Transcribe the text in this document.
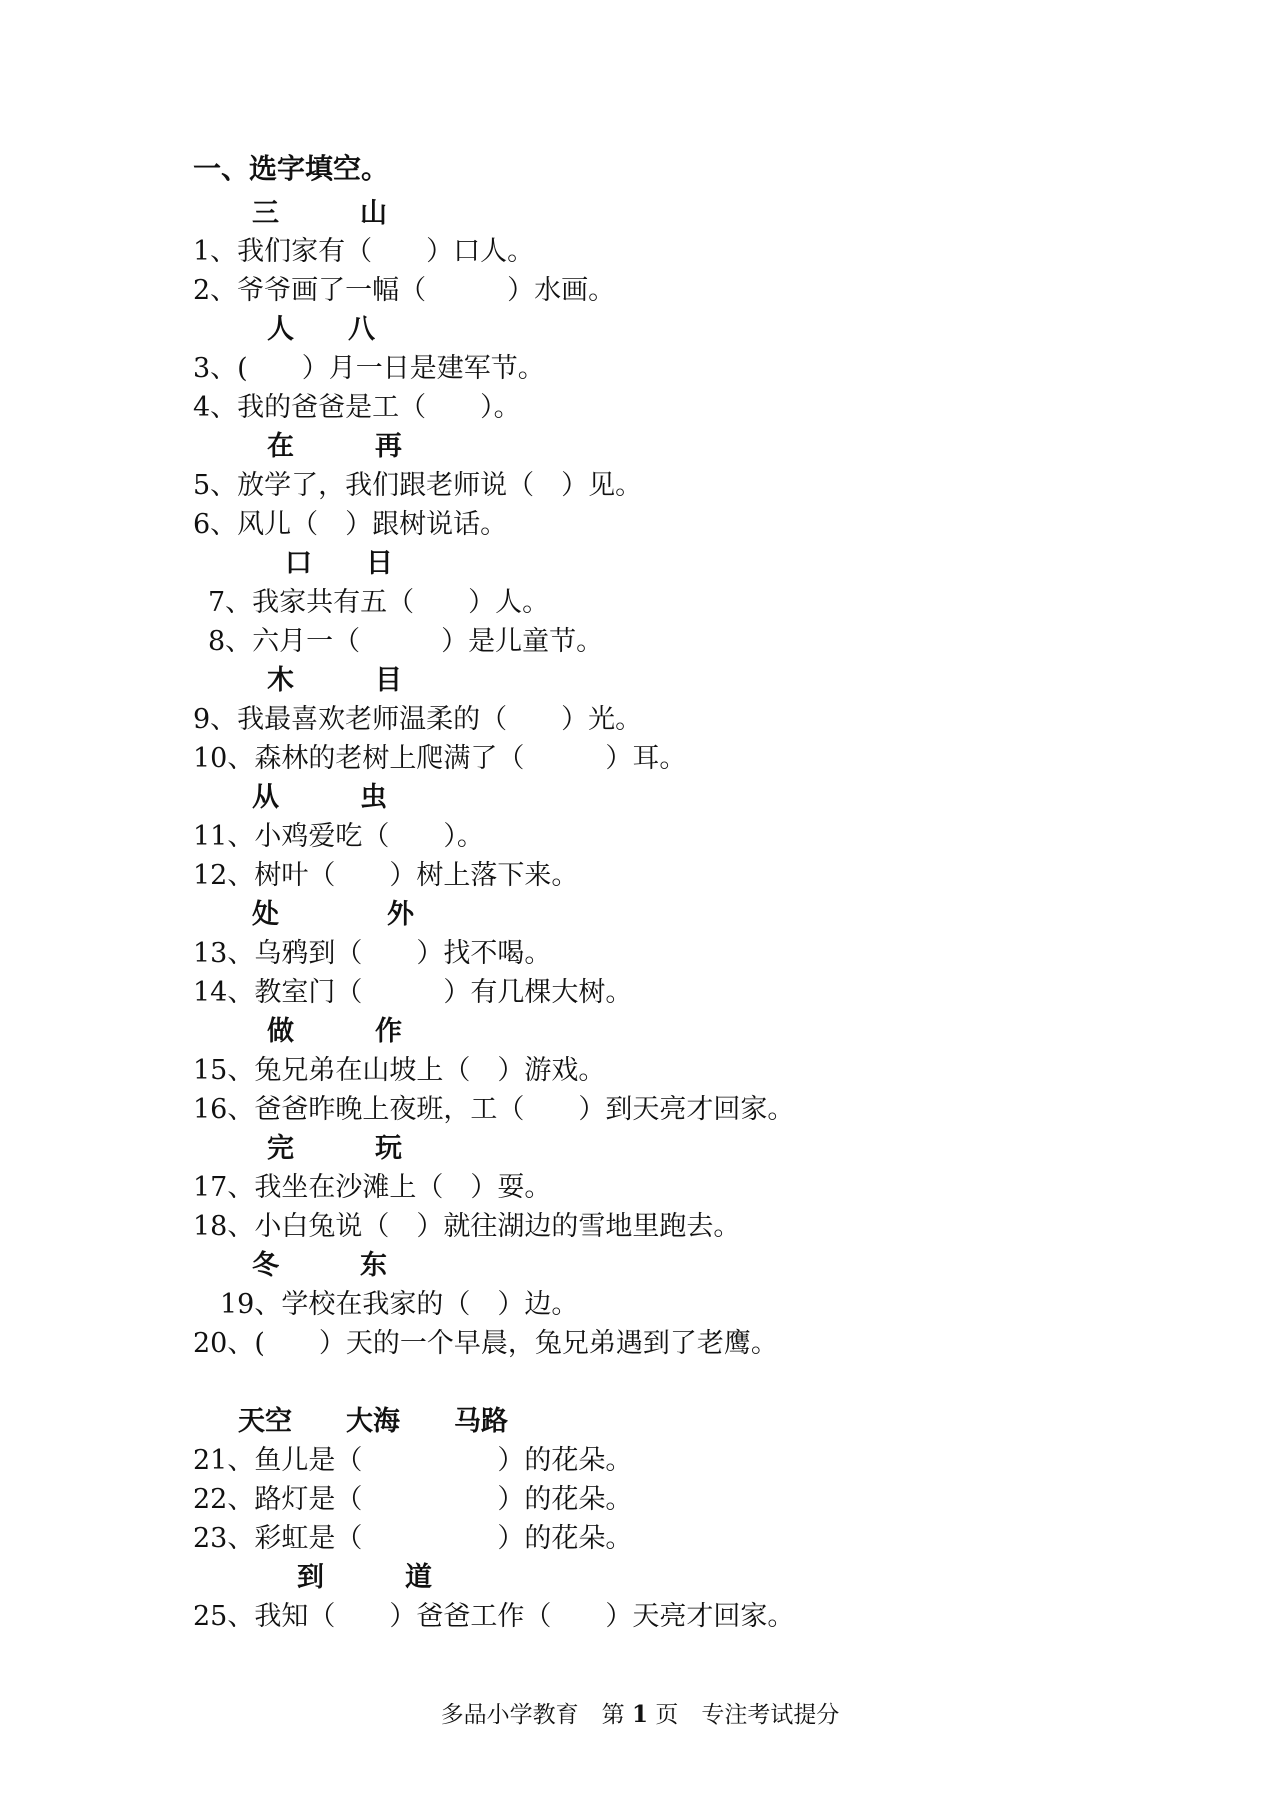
一、选字填空。
三　　　山
1、我们家有（　　）口人。
2、爷爷画了一幅（　　　）水画。
人　　八
3、(　　）月一日是建军节。
4、我的爸爸是工（　　）。
在　　　再
5、放学了，我们跟老师说（　）见。
6、风儿（　）跟树说话。
口　　日
7、我家共有五（　　）人。
8、六月一（　　　）是儿童节。
木　　　目
9、我最喜欢老师温柔的（　　）光。
10、森林的老树上爬满了（　　　）耳。
从　　　虫
11、小鸡爱吃（　　）。
12、树叶（　　）树上落下来。
处　　　　外
13、乌鸦到（　　）找不喝。
14、教室门（　　　）有几棵大树。
做　　　作
15、兔兄弟在山坡上（　）游戏。
16、爸爸昨晚上夜班，工（　　）到天亮才回家。
完　　　玩
17、我坐在沙滩上（　）耍。
18、小白兔说（　）就往湖边的雪地里跑去。
冬　　　东
19、学校在我家的（　）边。
20、(　　）天的一个早晨，兔兄弟遇到了老鹰。
天空　　大海　　马路
21、鱼儿是（　　　　　）的花朵。
22、路灯是（　　　　　）的花朵。
23、彩虹是（　　　　　）的花朵。
到　　　道
25、我知（　　）爸爸工作（　　）天亮才回家。
多品小学教育　第 1 页　专注考试提分
